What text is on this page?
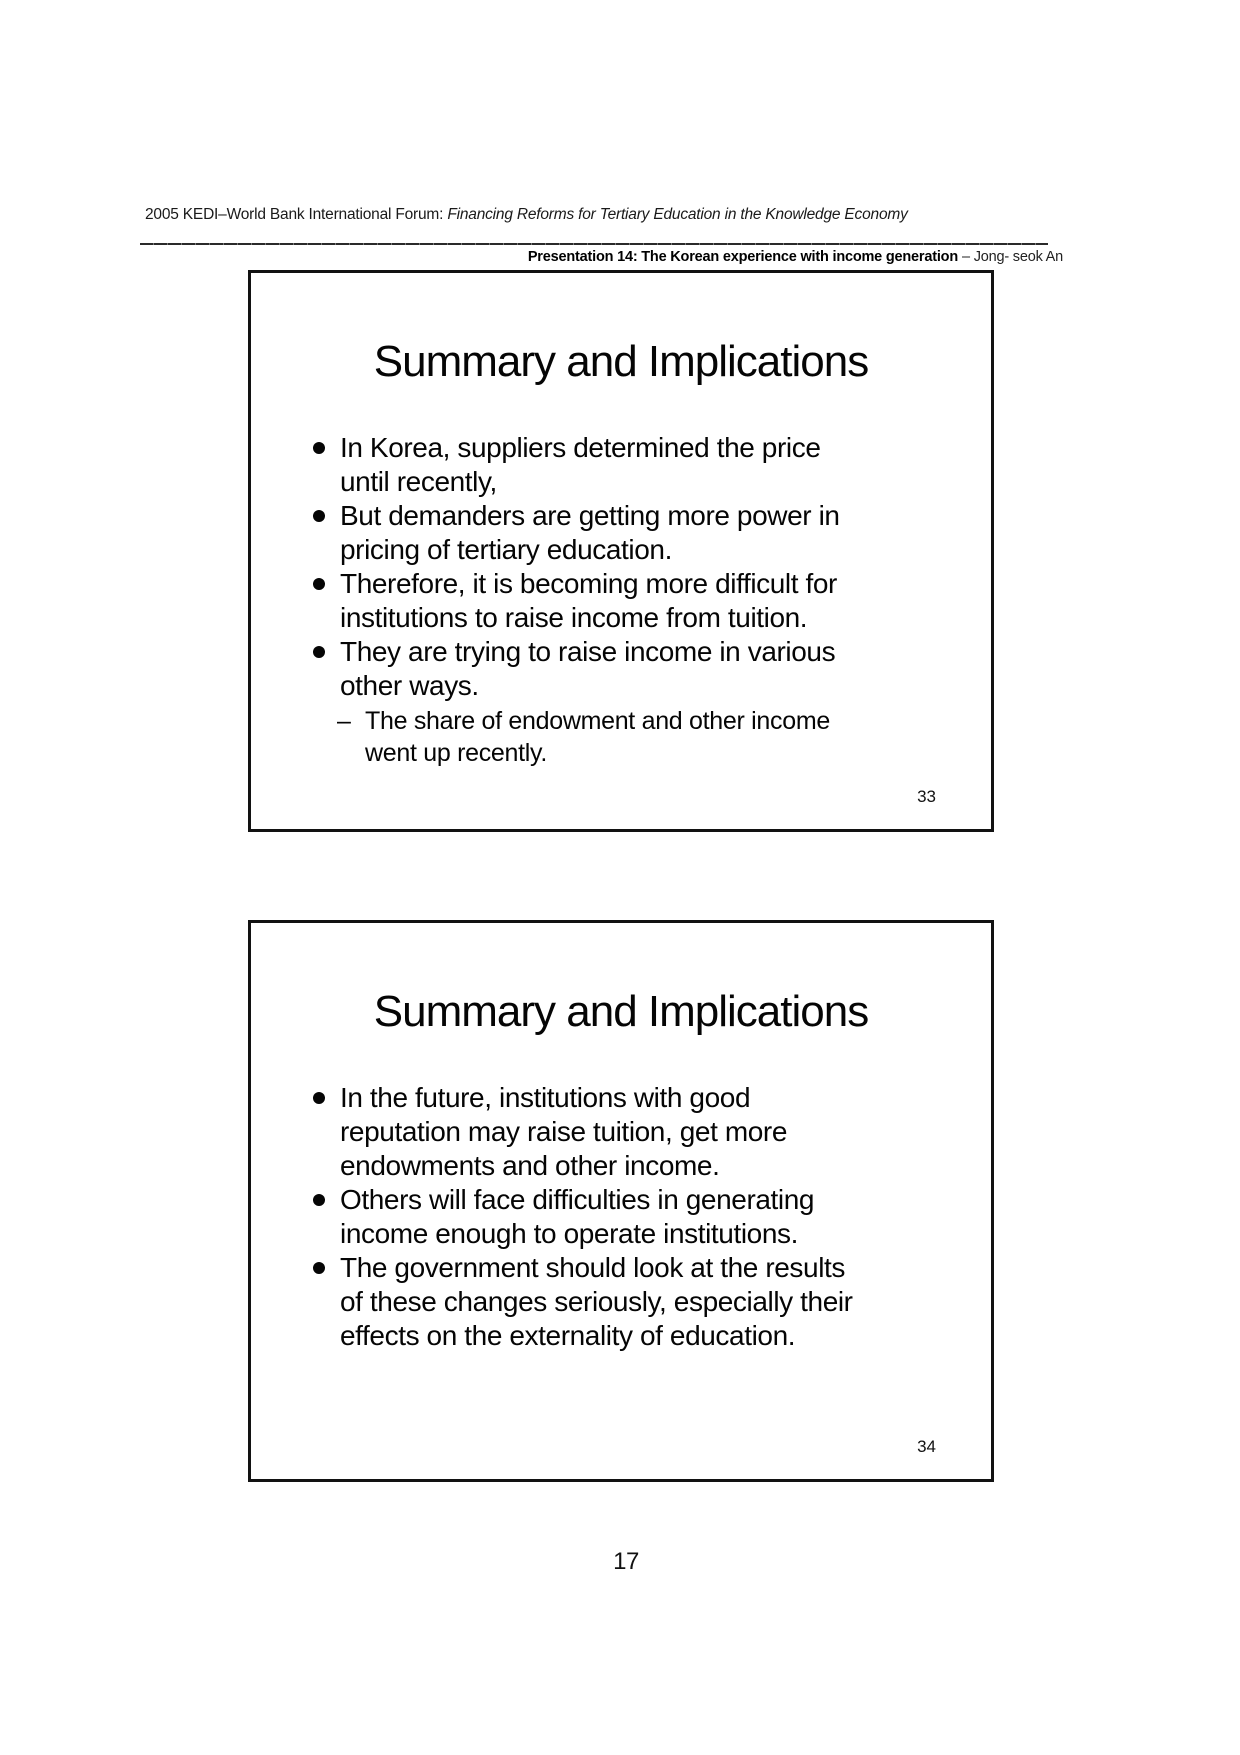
2005 KEDI–World Bank International Forum: Financing Reforms for Tertiary Education in the Knowledge Economy
Presentation 14: The Korean experience with income generation – Jong- seok An
Summary and Implications
In Korea, suppliers determined the price
until recently,
But demanders are getting more power in
pricing of tertiary education.
Therefore, it is becoming more difficult for
institutions to raise income from tuition.
They are trying to raise income in various
other ways.
– The share of endowment and other income
went up recently.
33
Summary and Implications
In the future, institutions with good
reputation may raise tuition, get more
endowments and other income.
Others will face difficulties in generating
income enough to operate institutions.
The government should look at the results
of these changes seriously, especially their
effects on the externality of education.
34
17
